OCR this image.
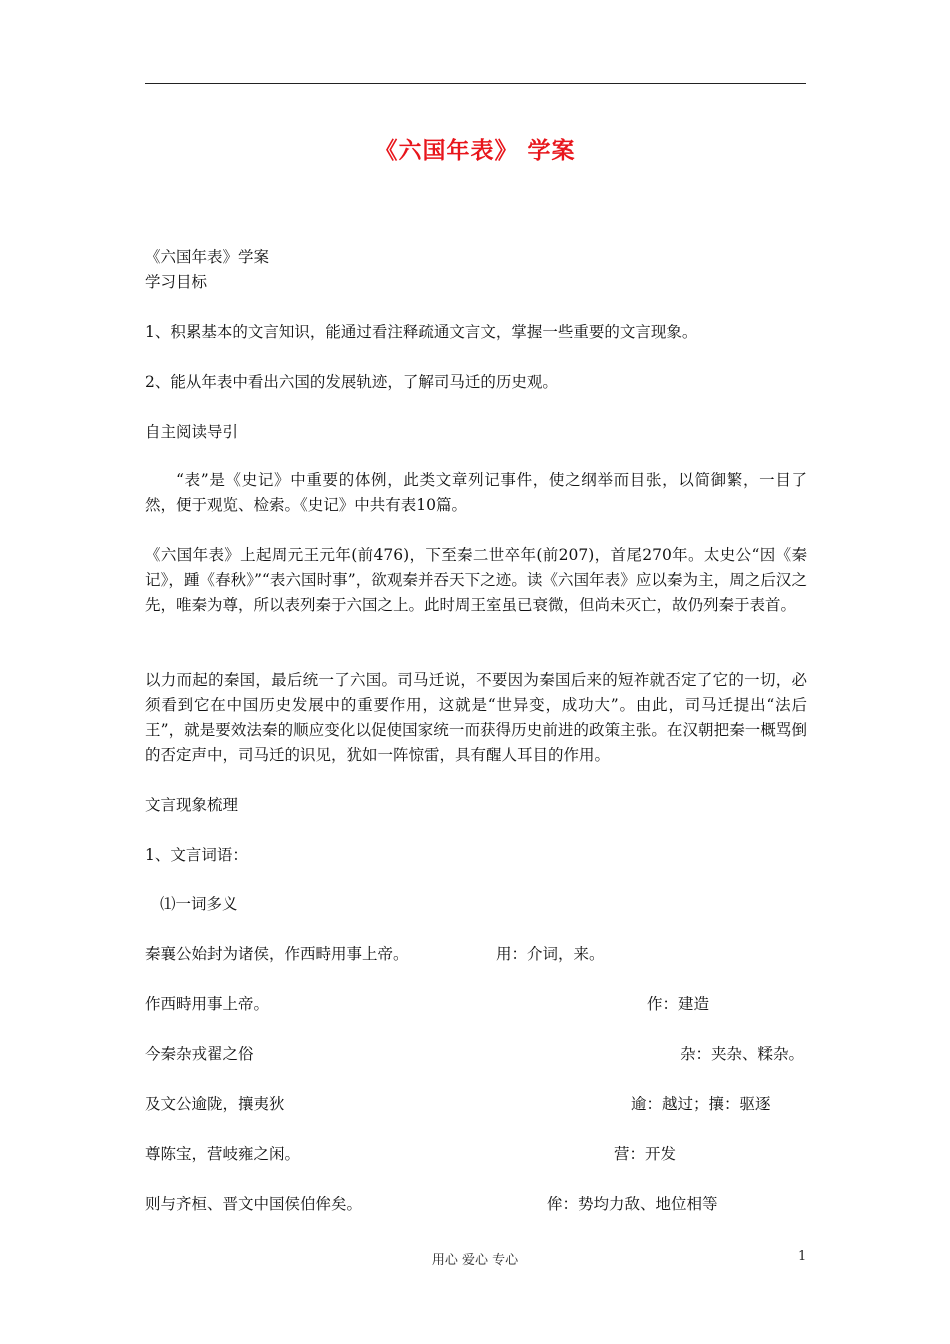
《六国年表》 学案
《六国年表》学案
学习目标
1、积累基本的文言知识，能通过看注释疏通文言文，掌握一些重要的文言现象。
2、能从年表中看出六国的发展轨迹，了解司马迁的历史观。
自主阅读导引
“表”是《史记》中重要的体例，此类文章列记事件，使之纲举而目张，以简御繁，一目了然，便于观览、检索。《史记》中共有表10篇。
《六国年表》上起周元王元年(前476)，下至秦二世卒年(前207)，首尾270年。太史公“因《秦记》，踵《春秋》”“表六国时事”，欲观秦并吞天下之迹。读《六国年表》应以秦为主，周之后汉之先，唯秦为尊，所以表列秦于六国之上。此时周王室虽已衰微，但尚未灭亡，故仍列秦于表首。
以力而起的秦国，最后统一了六国。司马迁说，不要因为秦国后来的短祚就否定了它的一切，必须看到它在中国历史发展中的重要作用，这就是“世异变，成功大”。由此，司马迁提出“法后王”，就是要效法秦的顺应变化以促使国家统一而获得历史前进的政策主张。在汉朝把秦一概骂倒的否定声中，司马迁的识见，犹如一阵惊雷，具有醒人耳目的作用。
文言现象梳理
1、文言词语：
⑴一词多义
秦襄公始封为诸侯，作西畤用事上帝。	用：介词，来。
作西畤用事上帝。	作：建造
今秦杂戎翟之俗	杂：夹杂、糅杂。
及文公逾陇，攘夷狄	逾：越过；攘：驱逐
尊陈宝，营岐雍之闲。	营：开发
则与齐桓、晋文中国侯伯侔矣。	侔：势均力敌、地位相等
用心 爱心 专心	1
